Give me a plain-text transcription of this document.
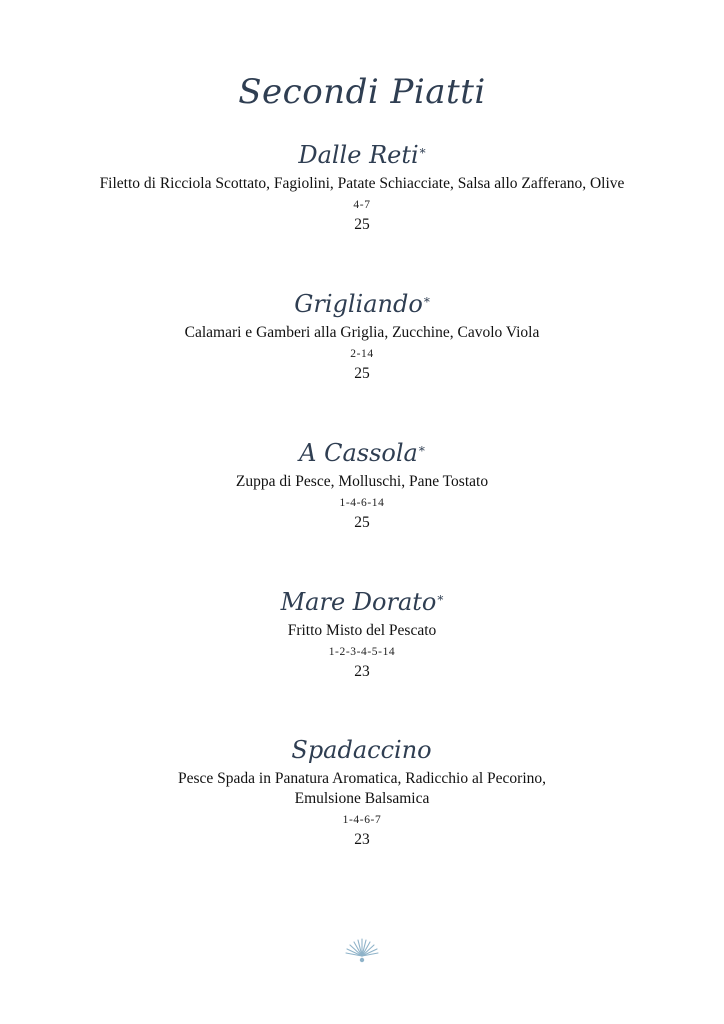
Secondi Piatti
Dalle Reti*
Filetto di Ricciola Scottato, Fagiolini, Patate Schiacciate, Salsa allo Zafferano, Olive
4-7
25
Grigliando*
Calamari e Gamberi alla Griglia, Zucchine, Cavolo Viola
2-14
25
A Cassola*
Zuppa di Pesce, Molluschi, Pane Tostato
1-4-6-14
25
Mare Dorato*
Fritto Misto del Pescato
1-2-3-4-5-14
23
Spadaccino
Pesce Spada in Panatura Aromatica, Radicchio al Pecorino,
Emulsione Balsamica
1-4-6-7
23
